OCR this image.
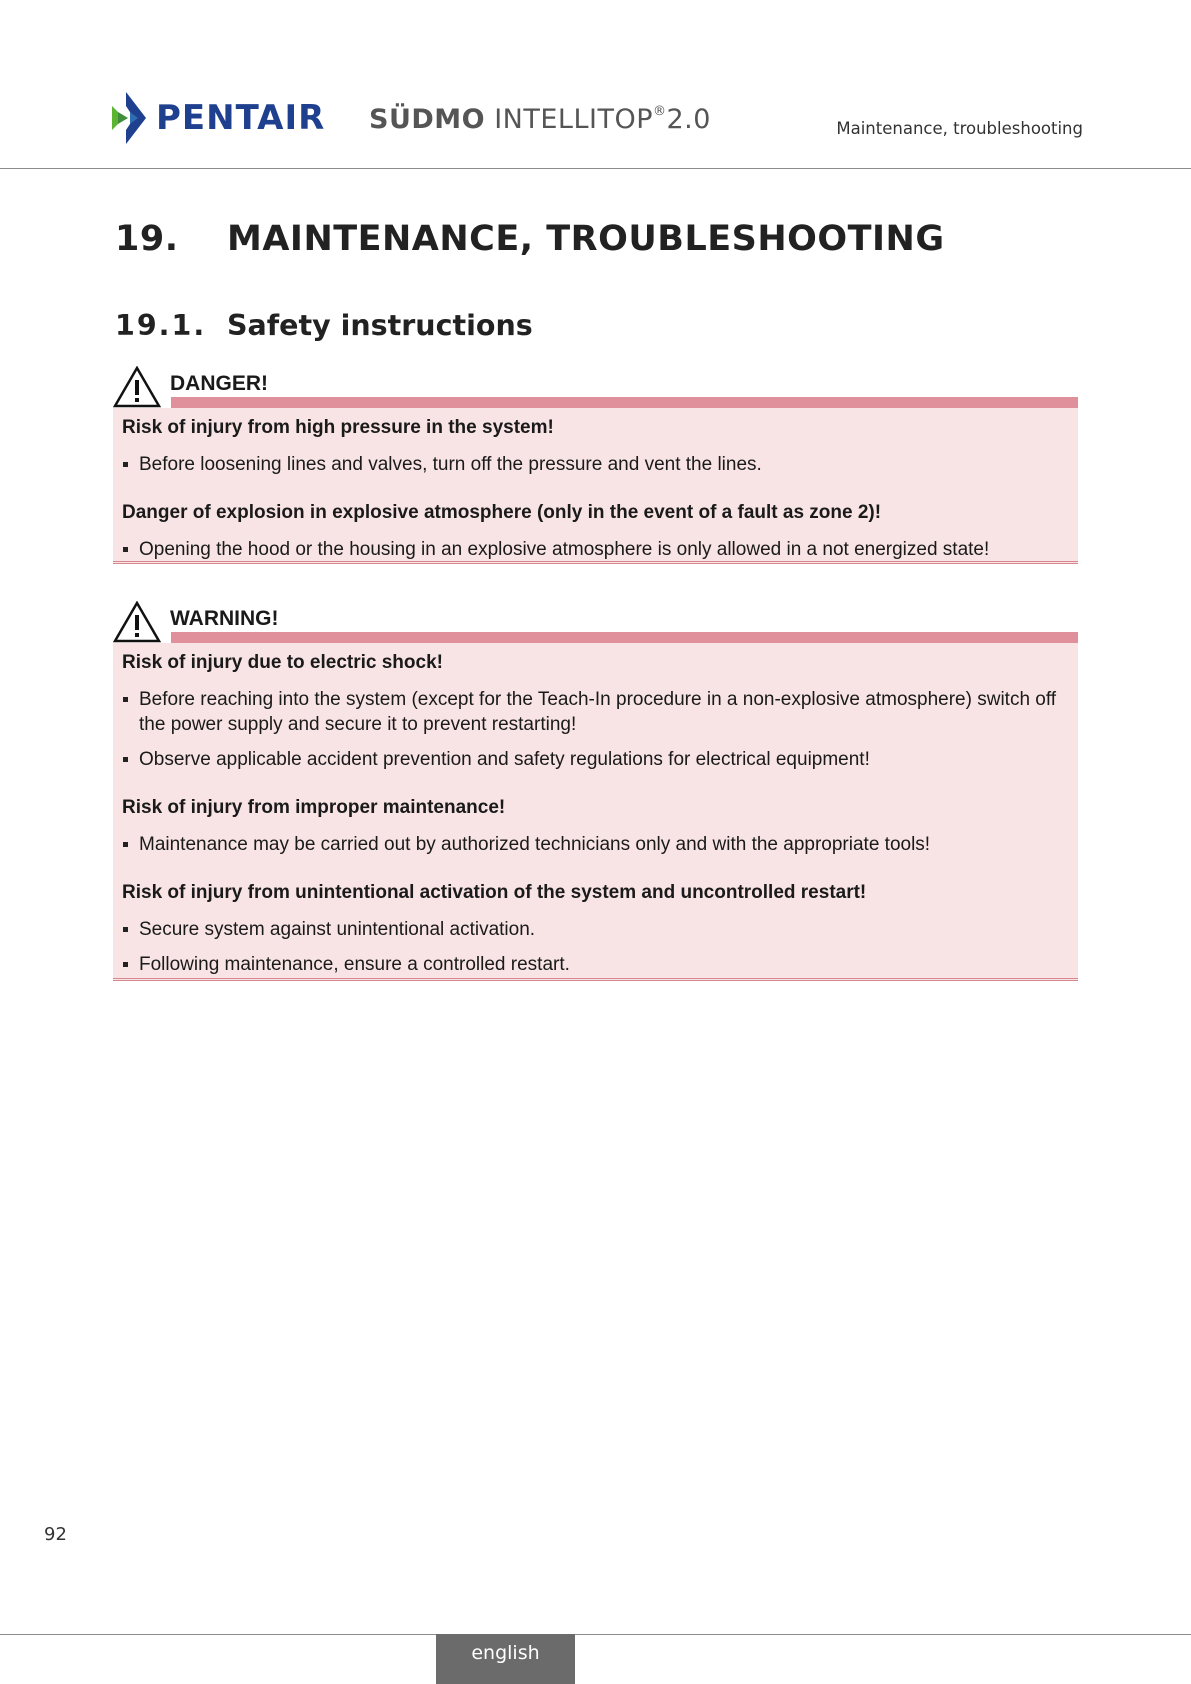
PENTAIR SÜDMO INTELLITOP®2.0	Maintenance, troubleshooting
19. MAINTENANCE, TROUBLESHOOTING
19.1. Safety instructions
DANGER!
Risk of injury from high pressure in the system!
Before loosening lines and valves, turn off the pressure and vent the lines.
Danger of explosion in explosive atmosphere (only in the event of a fault as zone 2)!
Opening the hood or the housing in an explosive atmosphere is only allowed in a not energized state!
WARNING!
Risk of injury due to electric shock!
Before reaching into the system (except for the Teach-In procedure in a non-explosive atmosphere) switch off the power supply and secure it to prevent restarting!
Observe applicable accident prevention and safety regulations for electrical equipment!
Risk of injury from improper maintenance!
Maintenance may be carried out by authorized technicians only and with the appropriate tools!
Risk of injury from unintentional activation of the system and uncontrolled restart!
Secure system against unintentional activation.
Following maintenance, ensure a controlled restart.
92
english
